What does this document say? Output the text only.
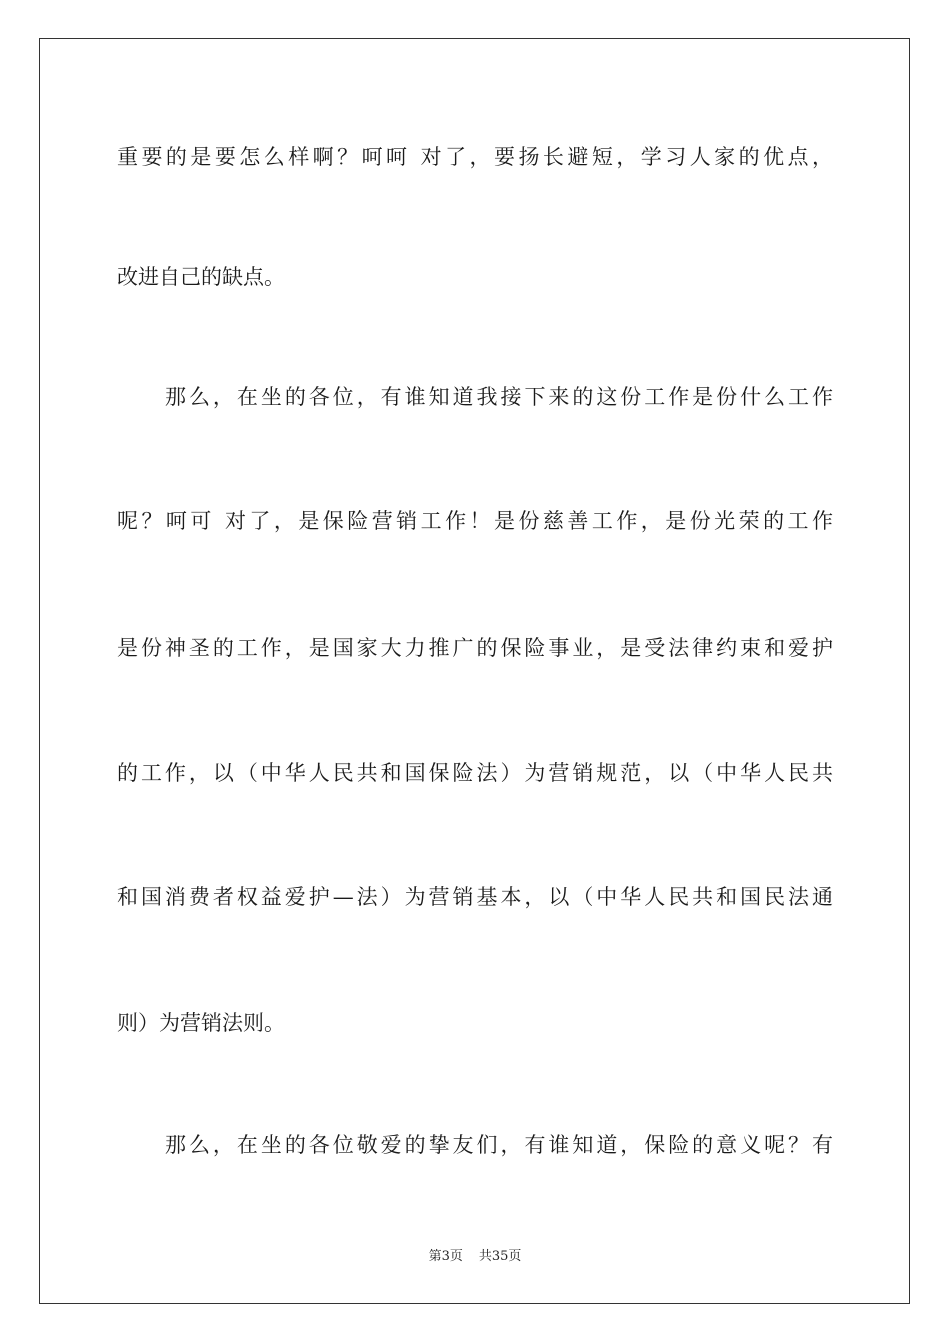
重要的是要怎么样啊？呵呵 对了，要扬长避短，学习人家的优点，
改进自己的缺点。
那么，在坐的各位，有谁知道我接下来的这份工作是份什么工作
呢？呵可 对了，是保险营销工作！是份慈善工作，是份光荣的工作
是份神圣的工作，是国家大力推广的保险事业，是受法律约束和爱护
的工作，以（中华人民共和国保险法）为营销规范，以（中华人民共
和国消费者权益爱护—法）为营销基本，以（中华人民共和国民法通
则）为营销法则。
那么，在坐的各位敬爱的挚友们，有谁知道，保险的意义呢？有
第3页 共35页
